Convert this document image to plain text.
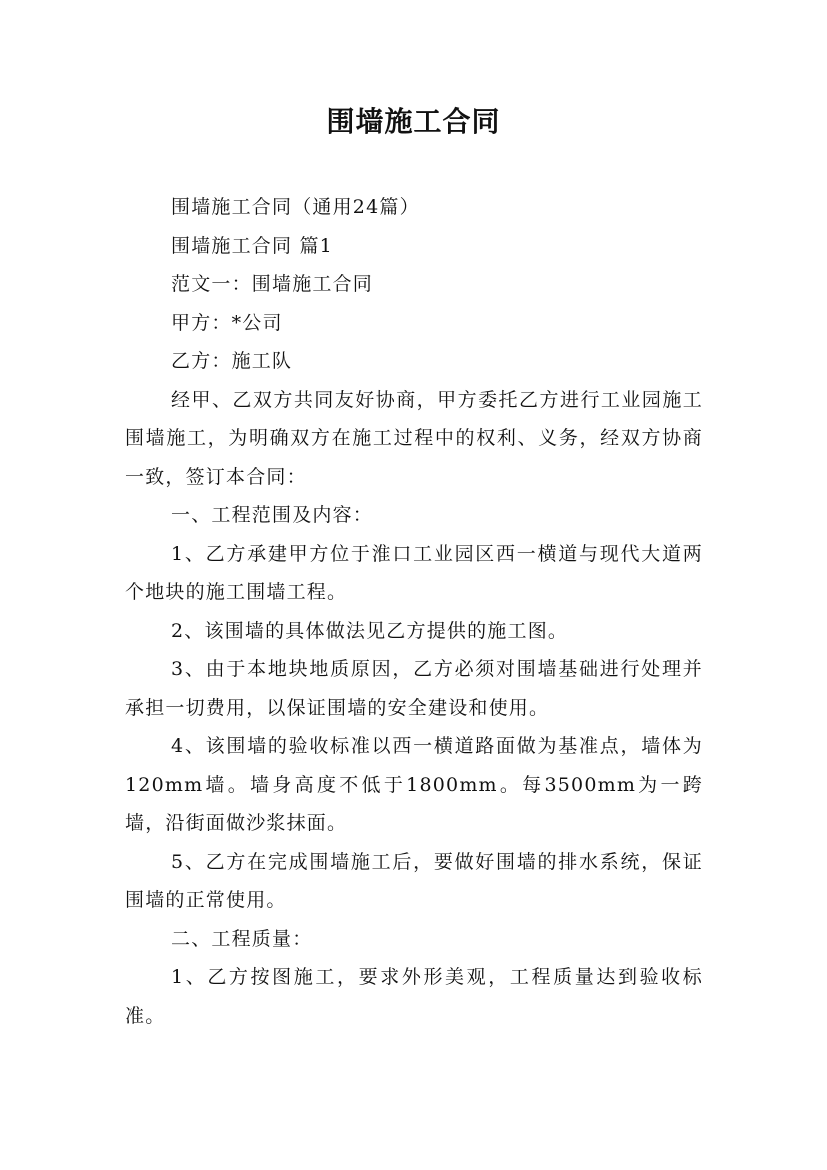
围墙施工合同

围墙施工合同（通用24篇）

围墙施工合同 篇1

范文一：围墙施工合同

甲方：*公司

乙方：施工队

经甲、乙双方共同友好协商，甲方委托乙方进行工业园施工围墙施工，为明确双方在施工过程中的权利、义务，经双方协商一致，签订本合同：

一、工程范围及内容：

1、乙方承建甲方位于淮口工业园区西一横道与现代大道两个地块的施工围墙工程。

2、该围墙的具体做法见乙方提供的施工图。

3、由于本地块地质原因，乙方必须对围墙基础进行处理并承担一切费用，以保证围墙的安全建设和使用。

4、该围墙的验收标准以西一横道路面做为基准点，墙体为120mm墙。墙身高度不低于1800mm。每3500mm为一跨墙，沿街面做沙浆抹面。

5、乙方在完成围墙施工后，要做好围墙的排水系统，保证围墙的正常使用。

二、工程质量：

1、乙方按图施工，要求外形美观，工程质量达到验收标准。
